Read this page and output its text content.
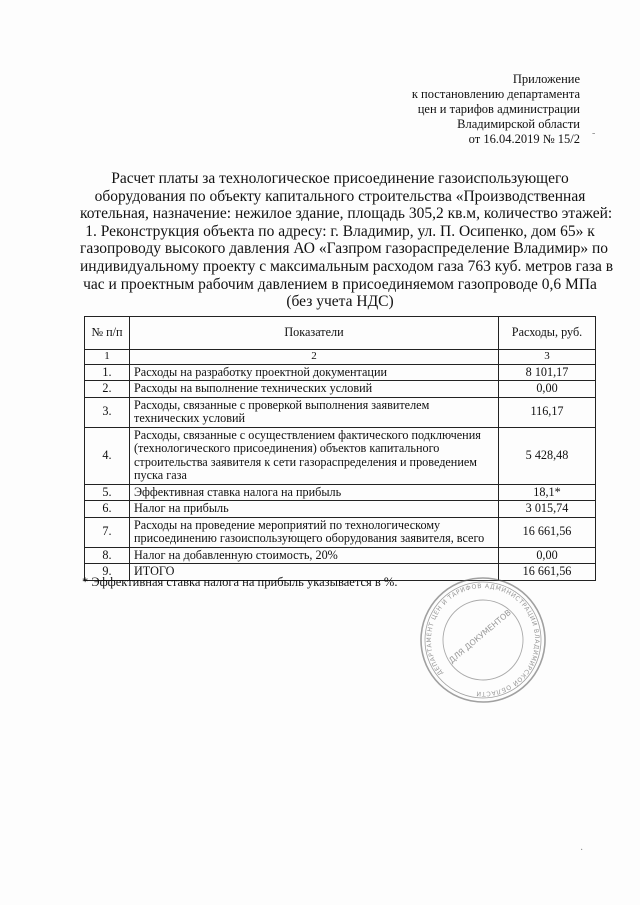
Приложение
к постановлению департамента
цен и тарифов администрации
Владимирской области
от 16.04.2019 № 15/2
Расчет платы за технологическое присоединение газоиспользующего
оборудования по объекту капитального строительства «Производственная
котельная, назначение: нежилое здание, площадь 305,2 кв.м, количество этажей:
1. Реконструкция объекта по адресу: г. Владимир, ул. П. Осипенко, дом 65» к
газопроводу высокого давления АО «Газпром газораспределение Владимир» по
индивидуальному проекту с максимальным расходом газа 763 куб. метров газа в
час и проектным рабочим давлением в присоединяемом газопроводе 0,6 МПа
(без учета НДС)
№ п/п	Показатели	Расходы, руб.
1	2	3
1.	Расходы на разработку проектной документации	8 101,17
2.	Расходы на выполнение технических условий	0,00
3.	Расходы, связанные с проверкой выполнения заявителем технических условий	116,17
4.	Расходы, связанные с осуществлением фактического подключения (технологического присоединения) объектов капитального строительства заявителя к сети газораспределения и проведением пуска газа	5 428,48
5.	Эффективная ставка налога на прибыль	18,1*
6.	Налог на прибыль	3 015,74
7.	Расходы на проведение мероприятий по технологическому присоединению газоиспользующего оборудования заявителя, всего	16 661,56
8.	Налог на добавленную стоимость, 20%	0,00
9.	ИТОГО	16 661,56
* Эффективная ставка налога на прибыль указывается в %.
ДЕПАРТАМЕНТ ЦЕН И ТАРИФОВ АДМИНИСТРАЦИИ ВЛАДИМИРСКОЙ ОБЛАСТИ
ДЛЯ ДОКУМЕНТОВ
-
·
